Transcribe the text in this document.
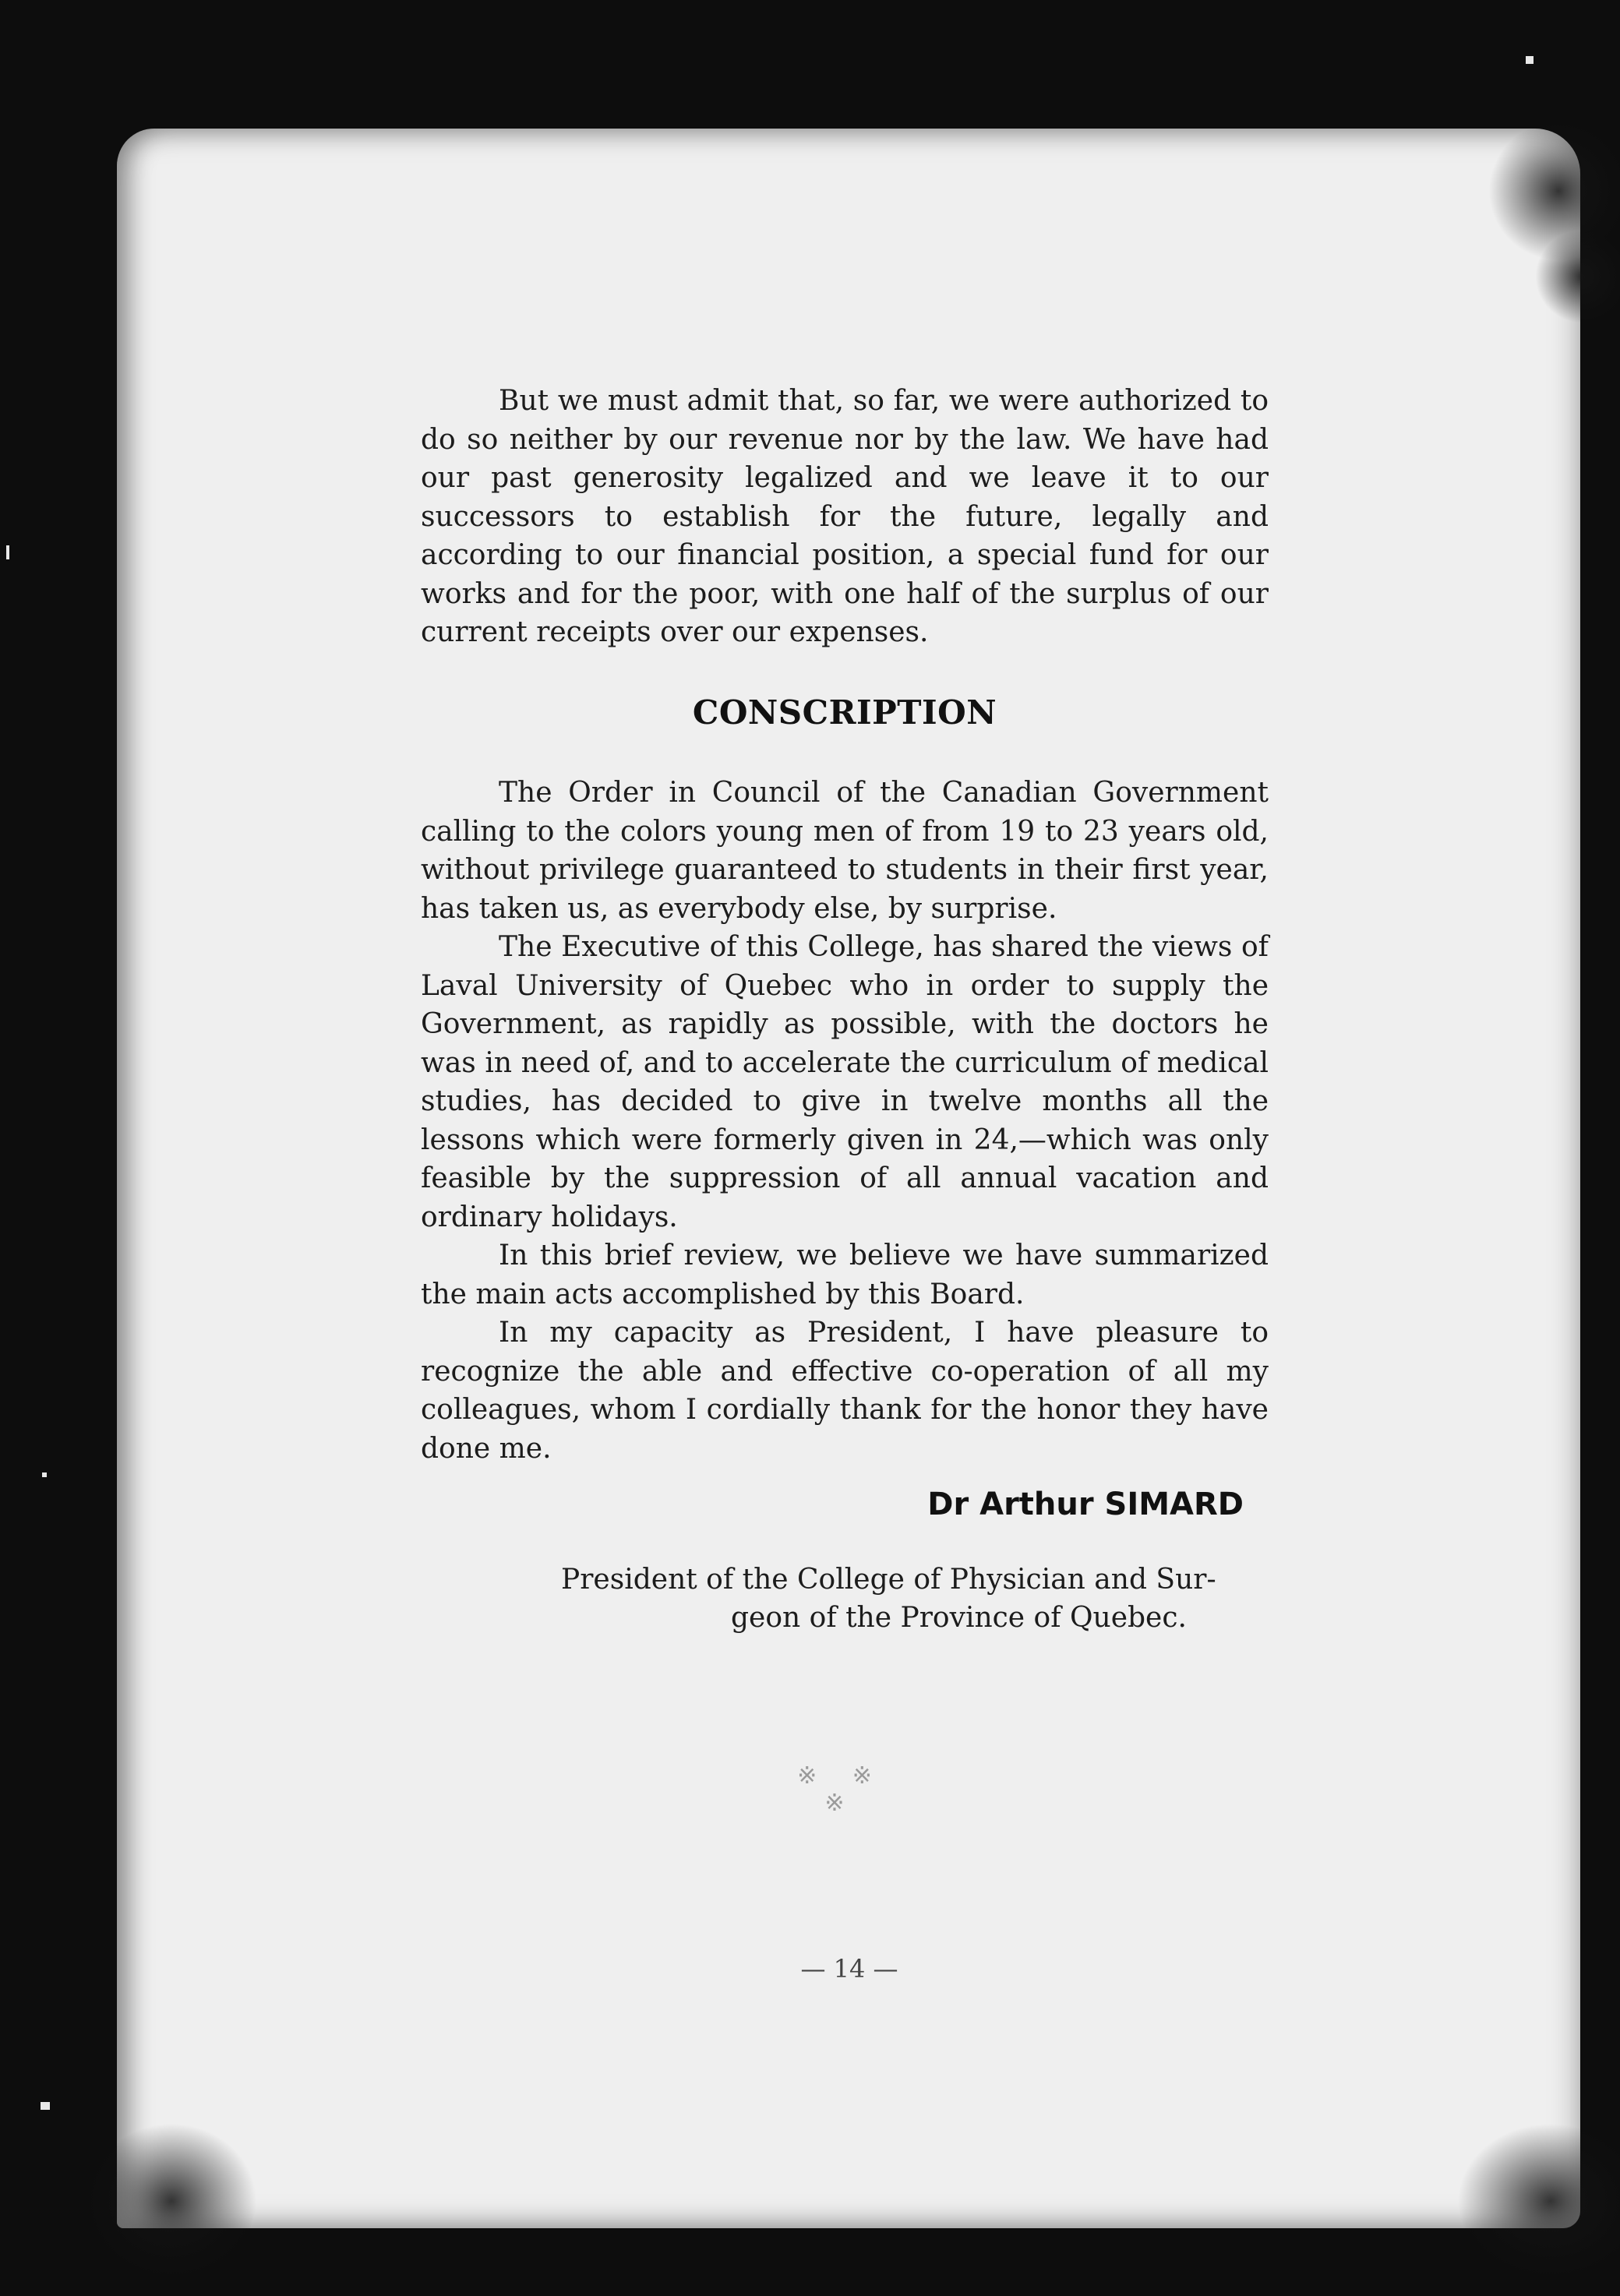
But we must admit that, so far, we were authorized to do so neither by our revenue nor by the law. We have had our past generosity legalized and we leave it to our successors to establish for the future, legally and according to our financial position, a special fund for our works and for the poor, with one half of the surplus of our current receipts over our expenses.

CONSCRIPTION

The Order in Council of the Canadian Government calling to the colors young men of from 19 to 23 years old, without privilege guaranteed to students in their first year, has taken us, as everybody else, by surprise.

The Executive of this College, has shared the views of Laval University of Quebec who in order to supply the Government, as rapidly as possible, with the doctors he was in need of, and to accelerate the curriculum of medical studies, has decided to give in twelve months all the lessons which were formerly given in 24,—which was only feasible by the suppression of all annual vacation and ordinary holidays.

In this brief review, we believe we have summarized the main acts accomplished by this Board.

In my capacity as President, I have pleasure to recognize the able and effective co-operation of all my colleagues, whom I cordially thank for the honor they have done me.

Dr Arthur SIMARD
President of the College of Physician and Sur-
geon of the Province of Quebec.
※ ※ ※
— 14 —
